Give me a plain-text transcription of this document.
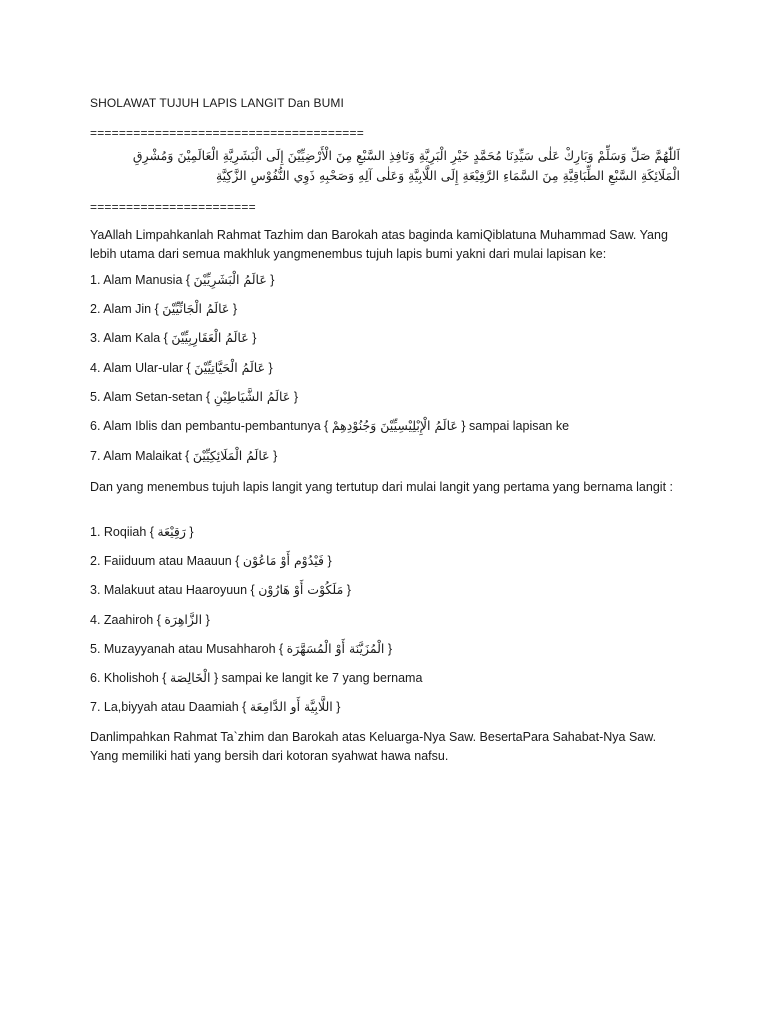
SHOLAWAT TUJUH LAPIS LANGIT Dan BUMI
======================================
اَللّٰهُمَّ صَلِّ وَسَلِّمْ وَبَارِكْ عَلٰى سَيِّدِنَا مُحَمَّدٍ خَيْرِ الْبَرِيَّةِ وَنَافِذِ السَّبْعِ مِنَ الْأَرْضِيِّيْنَ إِلَى الْبَشَرِيَّةِ الْعَالَمِيْنَ وَمُشْرِقِ الْمَلَائِكَةِ السَّبْعِ الطِّبَاقِيَّةِ مِنَ السَّمَاءِ الرَّفِيْعَةِ إِلَى اللَّابِيَّةِ وَعَلٰى آلِهِ وَصَحْبِهِ ذَوِي النُّفُوْسِ الزَّكِيَّةِ
=======================
YaAllah Limpahkanlah Rahmat Tazhim dan Barokah atas baginda kamiQiblatuna Muhammad Saw. Yang lebih utama dari semua makhluk yangmenembus tujuh lapis bumi yakni dari mulai lapisan ke:
1. Alam Manusia { عَالَمُ الْبَشَرِيِّيْنَ }
2. Alam Jin { عَالَمُ الْجَانِّيِّيْنَ }
3. Alam Kala { عَالَمُ الْعَقَارِبِيِّيْنَ }
4. Alam Ular-ular { عَالَمُ الْحَيَّاتِيِّيْنَ }
5. Alam Setan-setan { عَالَمُ الشَّيَاطِيْنِ }
6. Alam Iblis dan pembantu-pembantunya { عَالَمُ الْإِبْلِيْسِيِّيْنَ وَجُنُوْدِهِمْ } sampai lapisan ke
7. Alam Malaikat { عَالَمُ الْمَلَائِكِيِّيْنَ }
Dan yang menembus tujuh lapis langit yang tertutup dari mulai langit yang pertama yang bernama langit :
1. Roqiiah { رَقِيْعَة }
2. Faiiduum atau Maauun { فَيْدُوْم أَوْ مَاعُوْن }
3. Malakuut atau Haaroyuun { مَلَكُوْت أَوْ هَارُوْن }
4. Zaahiroh { الزَّاهِرَة }
5. Muzayyanah atau Musahharoh { الْمُزَيَّنَة أَوْ الْمُسَهَّرَة }
6. Kholishoh { الْخَالِصَة } sampai ke langit ke 7 yang bernama
7. La,biyyah atau Daamiah { اللَّابِيَّة أَو الدَّامِعَة }
Danlimpahkan Rahmat Ta`zhim dan Barokah atas Keluarga-Nya Saw. BesertaPara Sahabat-Nya Saw.
Yang memiliki hati yang bersih dari kotoran syahwat hawa nafsu.
